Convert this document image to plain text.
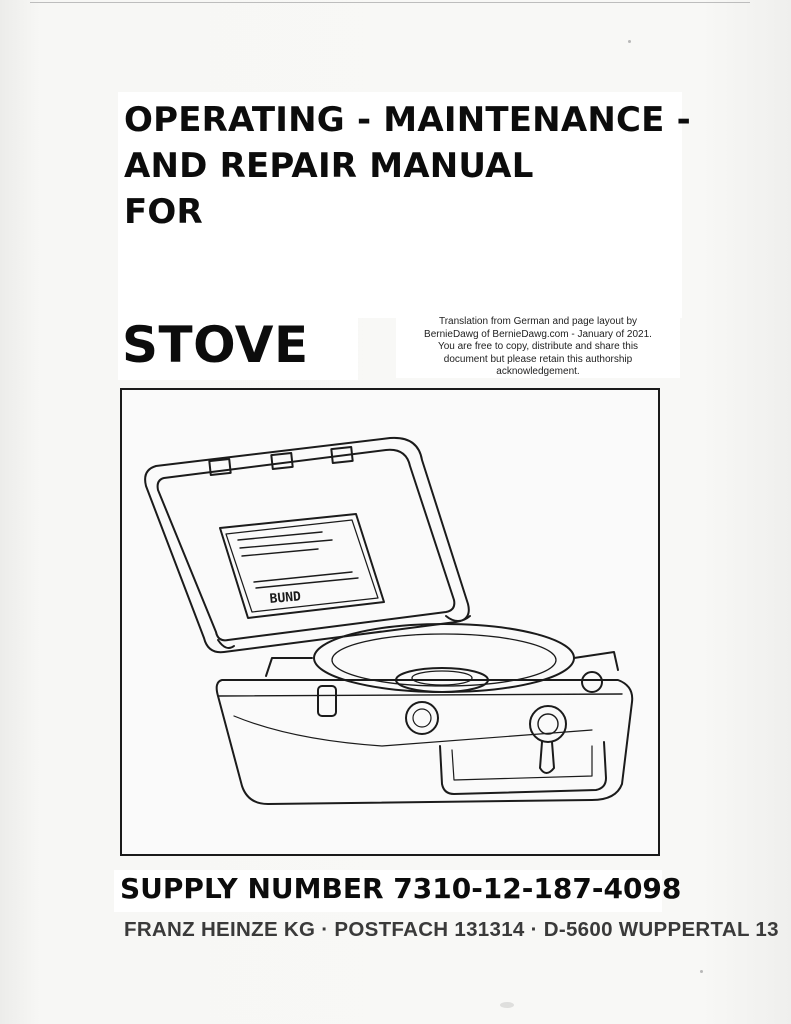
OPERATING - MAINTENANCE -
AND REPAIR MANUAL
FOR
STOVE	Translation from German and page layout by
BernieDawg of BernieDawg.com - January of 2021.
You are free to copy, distribute and share this
document but please retain this authorship
acknowledgement.
BUND
SUPPLY NUMBER 7310-12-187-4098

FRANZ HEINZE KG · POSTFACH 131314 · D-5600 WUPPERTAL 13
